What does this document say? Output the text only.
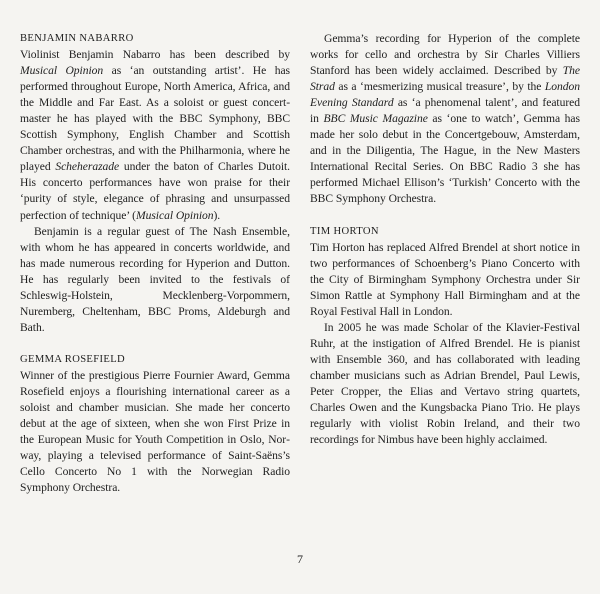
BENJAMIN NABARRO

Violinist Benjamin Nabarro has been described by Musical Opinion as ‘an outstanding artist’. He has performed throughout Europe, North America, Africa, and the Middle and Far East. As a soloist or guest concert-master he has played with the BBC Symphony, BBC Scottish Symphony, English Chamber and Scottish Chamber orchestras, and with the Philharmonia, where he played Scheherazade under the baton of Charles Dutoit. His concerto performances have won praise for their ‘purity of style, elegance of phrasing and unsurpassed perfection of technique’ (Musical Opinion).

Benjamin is a regular guest of The Nash Ensemble, with whom he has appeared in concerts worldwide, and has made numerous recording for Hyperion and Dutton. He has regularly been invited to the festivals of Schleswig-Holstein, Mecklenberg-Vorpommern, Nuremberg, Cheltenham, BBC Proms, Aldeburgh and Bath.

GEMMA ROSEFIELD

Winner of the prestigious Pierre Fournier Award, Gemma Rosefield enjoys a flourishing international career as a soloist and chamber musician. She made her concerto debut at the age of sixteen, when she won First Prize in the European Music for Youth Competition in Oslo, Norway, playing a televised performance of Saint-Saëns’s Cello Concerto No 1 with the Norwegian Radio Symphony Orchestra.

Gemma’s recording for Hyperion of the complete works for cello and orchestra by Sir Charles Villiers Stanford has been widely acclaimed. Described by The Strad as a ‘mesmerizing musical treasure’, by the London Evening Standard as ‘a phenomenal talent’, and featured in BBC Music Magazine as ‘one to watch’, Gemma has made her solo debut in the Concertgebouw, Amsterdam, and in the Diligentia, The Hague, in the New Masters International Recital Series. On BBC Radio 3 she has performed Michael Ellison’s ‘Turkish’ Concerto with the BBC Symphony Orchestra.

TIM HORTON

Tim Horton has replaced Alfred Brendel at short notice in two performances of Schoenberg’s Piano Concerto with the City of Birmingham Symphony Orchestra under Sir Simon Rattle at Symphony Hall Birmingham and at the Royal Festival Hall in London.

In 2005 he was made Scholar of the Klavier-Festival Ruhr, at the instigation of Alfred Brendel. He is pianist with Ensemble 360, and has collaborated with leading chamber musicians such as Adrian Brendel, Paul Lewis, Peter Cropper, the Elias and Vertavo string quartets, Charles Owen and the Kungsbacka Piano Trio. He plays regularly with violist Robin Ireland, and their two recordings for Nimbus have been highly acclaimed.

7
